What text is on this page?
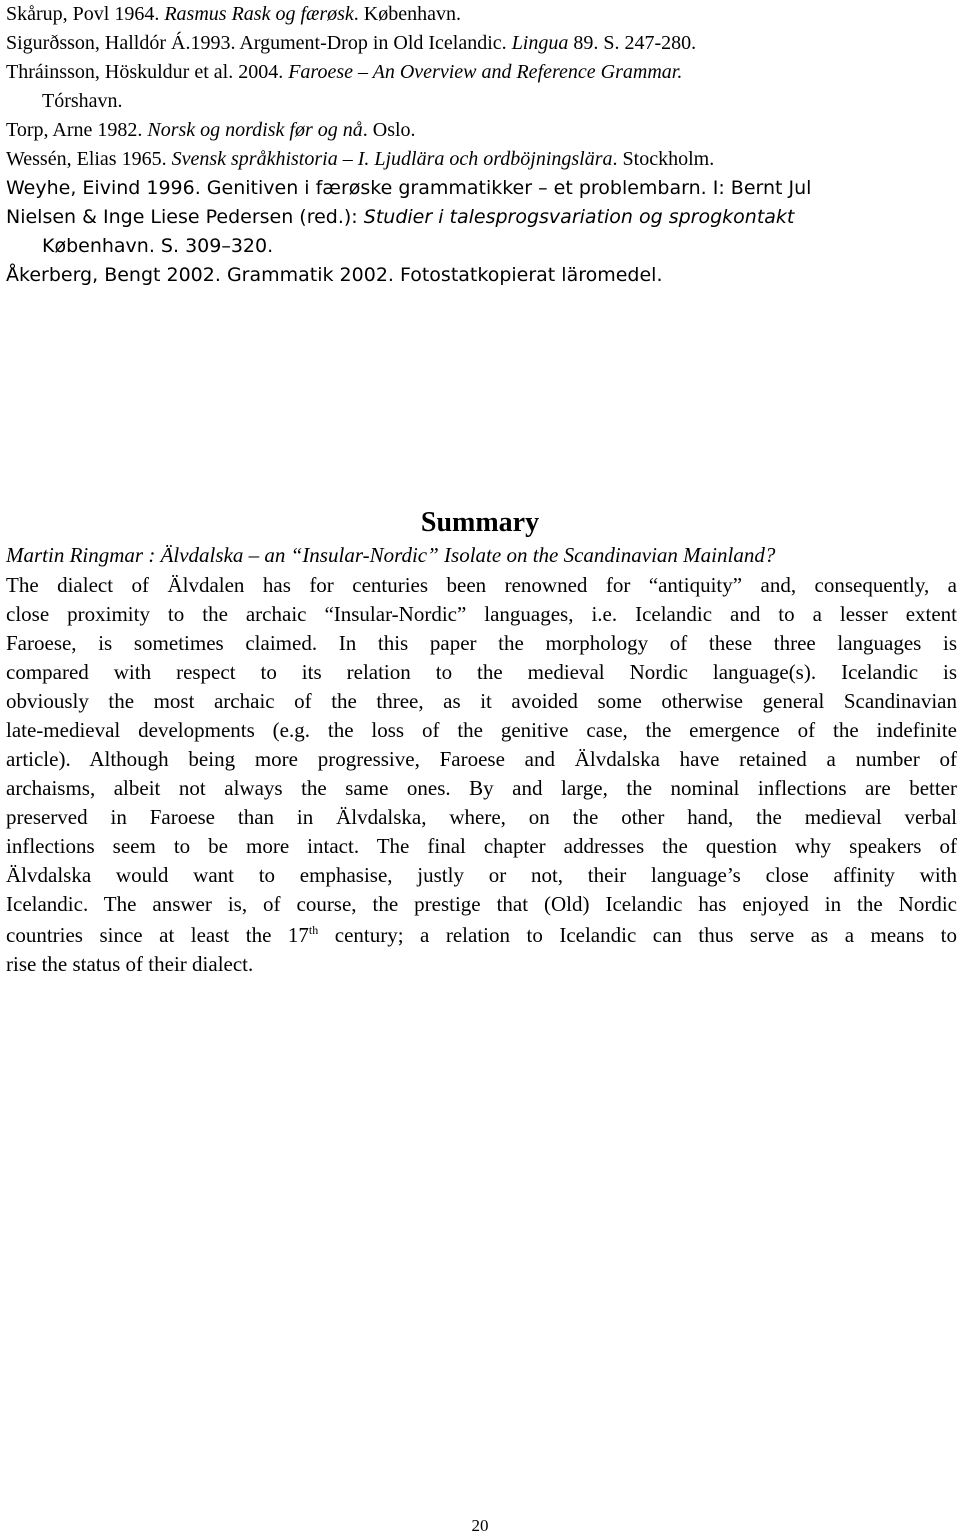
Skårup, Povl 1964. Rasmus Rask og færøsk. København.
Sigurðsson, Halldór Á.1993. Argument-Drop in Old Icelandic. Lingua 89. S. 247-280.
Thráinsson, Höskuldur et al. 2004. Faroese – An Overview and Reference Grammar.
Tórshavn.
Torp, Arne 1982. Norsk og nordisk før og nå. Oslo.
Wessén, Elias 1965. Svensk språkhistoria – I. Ljudlära och ordböjningslära. Stockholm.
Weyhe, Eivind 1996. Genitiven i færøske grammatikker – et problembarn. I: Bernt Jul
Nielsen & Inge Liese Pedersen (red.): Studier i talesprogsvariation og sprogkontakt
København. S. 309–320.
Åkerberg, Bengt 2002. Grammatik 2002. Fotostatkopierat läromedel.
Summary
Martin Ringmar : Älvdalska – an “Insular-Nordic” Isolate on the Scandinavian Mainland?
The dialect of Älvdalen has for centuries been renowned for “antiquity” and, consequently, a
close proximity to the archaic “Insular-Nordic” languages, i.e. Icelandic and to a lesser extent
Faroese, is sometimes claimed. In this paper the morphology of these three languages is
compared with respect to its relation to the medieval Nordic language(s). Icelandic is
obviously the most archaic of the three, as it avoided some otherwise general Scandinavian
late-medieval developments (e.g. the loss of the genitive case, the emergence of the indefinite
article). Although being more progressive, Faroese and Älvdalska have retained a number of
archaisms, albeit not always the same ones. By and large, the nominal inflections are better
preserved in Faroese than in Älvdalska, where, on the other hand, the medieval verbal
inflections seem to be more intact. The final chapter addresses the question why speakers of
Älvdalska would want to emphasise, justly or not, their language’s close affinity with
Icelandic. The answer is, of course, the prestige that (Old) Icelandic has enjoyed in the Nordic
countries since at least the 17th century; a relation to Icelandic can thus serve as a means to
rise the status of their dialect.
20
